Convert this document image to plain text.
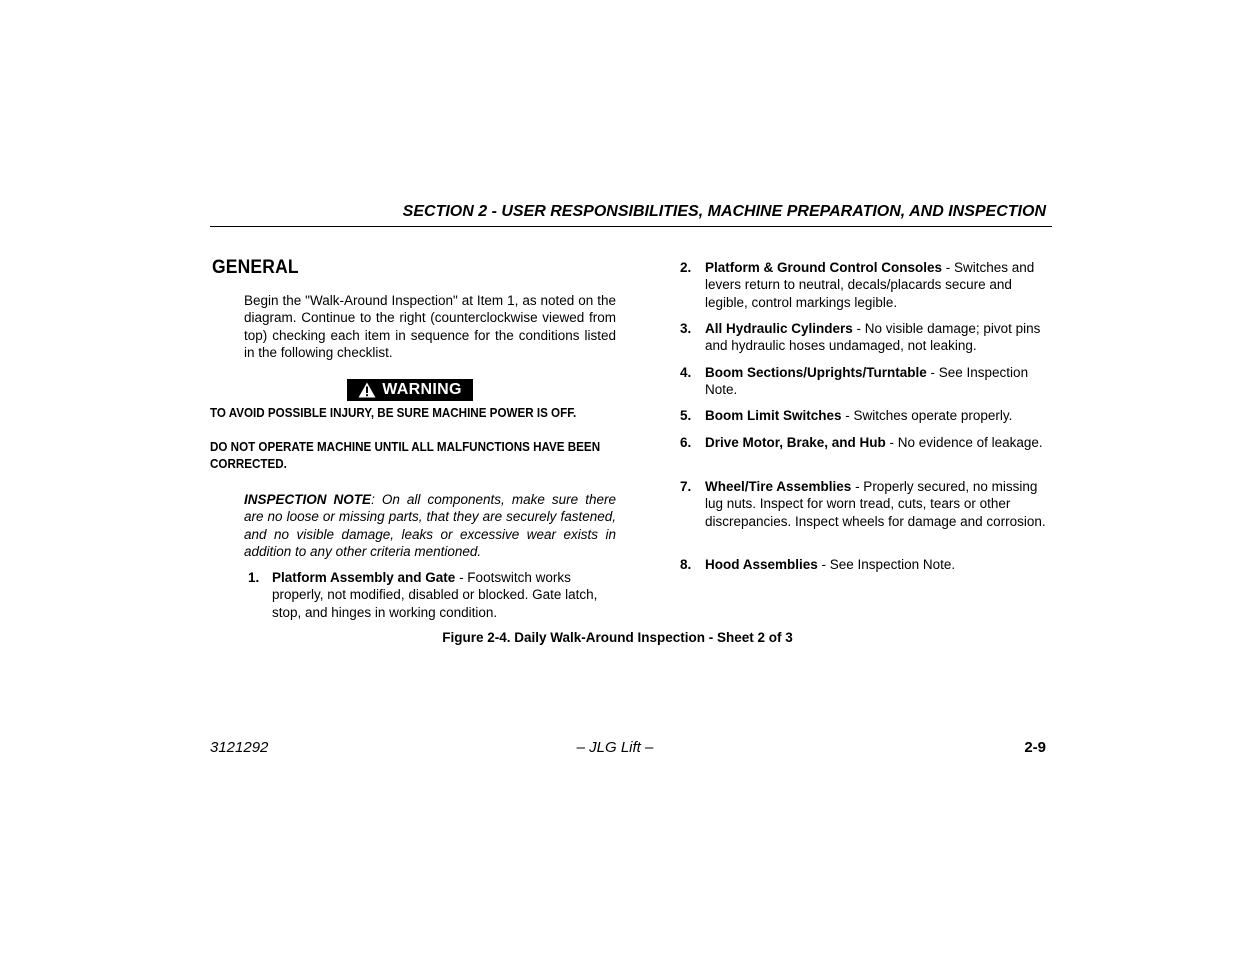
SECTION 2 - USER RESPONSIBILITIES, MACHINE PREPARATION, AND INSPECTION
GENERAL
Begin the "Walk-Around Inspection" at Item 1, as noted on the diagram. Continue to the right (counterclockwise viewed from top) checking each item in sequence for the conditions listed in the following checklist.
WARNING
TO AVOID POSSIBLE INJURY, BE SURE MACHINE POWER IS OFF.
DO NOT OPERATE MACHINE UNTIL ALL MALFUNCTIONS HAVE BEEN CORRECTED.
INSPECTION NOTE: On all components, make sure there are no loose or missing parts, that they are securely fastened, and no visible damage, leaks or excessive wear exists in addition to any other criteria mentioned.
1. Platform Assembly and Gate - Footswitch works properly, not modified, disabled or blocked. Gate latch, stop, and hinges in working condition.
2.	Platform & Ground Control Consoles - Switches and levers return to neutral, decals/placards secure and legible, control markings legible.
3.	All Hydraulic Cylinders - No visible damage; pivot pins and hydraulic hoses undamaged, not leaking.
4.	Boom Sections/Uprights/Turntable - See Inspection Note.
5.	Boom Limit Switches - Switches operate properly.
6.	Drive Motor, Brake, and Hub - No evidence of leakage.
7.	Wheel/Tire Assemblies - Properly secured, no missing lug nuts. Inspect for worn tread, cuts, tears or other discrepancies. Inspect wheels for damage and corrosion.
8.	Hood Assemblies - See Inspection Note.
Figure 2-4. Daily Walk-Around Inspection - Sheet 2 of 3
3121292	– JLG Lift –	2-9
